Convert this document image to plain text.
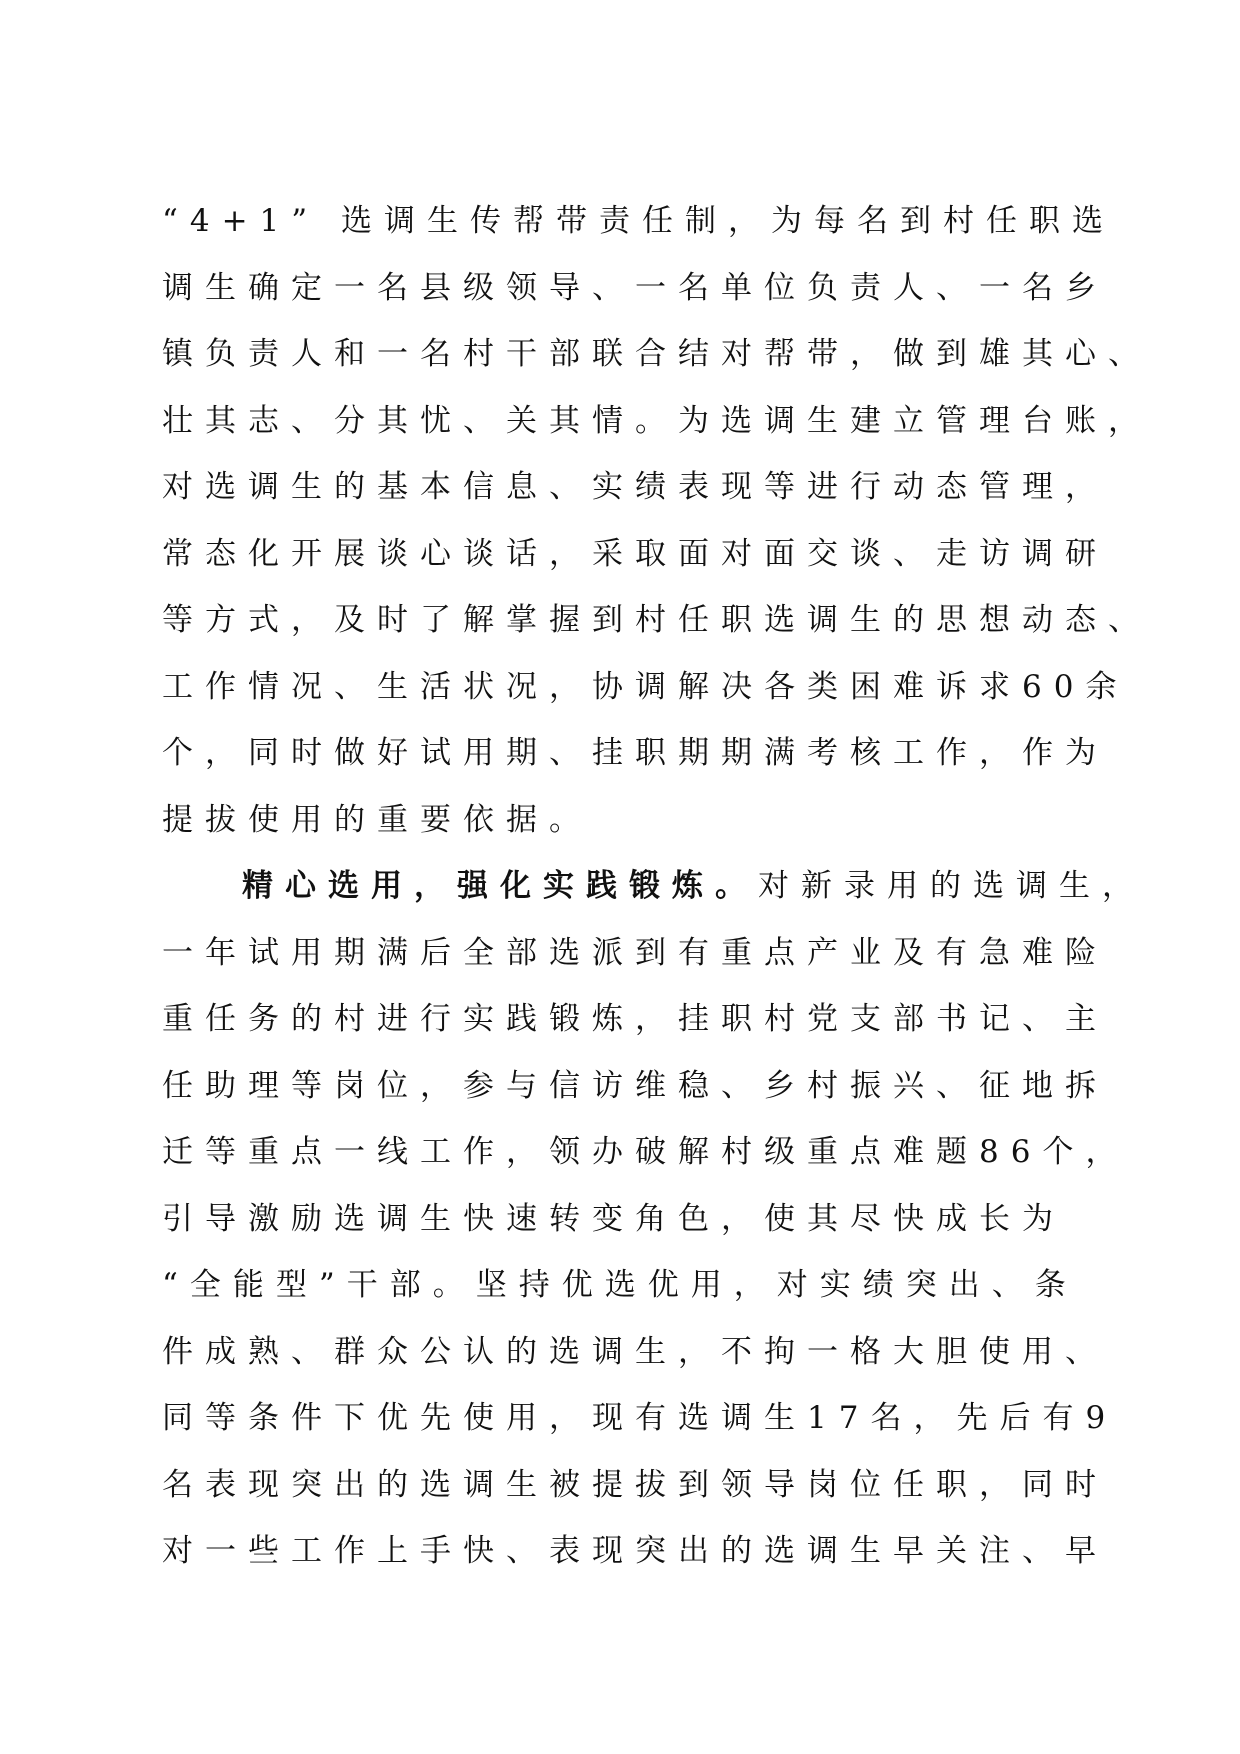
“4+1” 选调生传帮带责任制，为每名到村任职选
调生确定一名县级领导、一名单位负责人、一名乡
镇负责人和一名村干部联合结对帮带，做到雄其心、
壮其志、分其忧、关其情。为选调生建立管理台账，
对选调生的基本信息、实绩表现等进行动态管理，
常态化开展谈心谈话，采取面对面交谈、走访调研
等方式，及时了解掌握到村任职选调生的思想动态、
工作情况、生活状况，协调解决各类困难诉求60余
个，同时做好试用期、挂职期期满考核工作，作为
提拔使用的重要依据。
精心选用，强化实践锻炼。对新录用的选调生，
一年试用期满后全部选派到有重点产业及有急难险
重任务的村进行实践锻炼，挂职村党支部书记、主
任助理等岗位，参与信访维稳、乡村振兴、征地拆
迁等重点一线工作，领办破解村级重点难题86个，
引导激励选调生快速转变角色，使其尽快成长为
“全能型”干部。坚持优选优用，对实绩突出、条
件成熟、群众公认的选调生，不拘一格大胆使用、
同等条件下优先使用，现有选调生17名，先后有9
名表现突出的选调生被提拔到领导岗位任职，同时
对一些工作上手快、表现突出的选调生早关注、早
